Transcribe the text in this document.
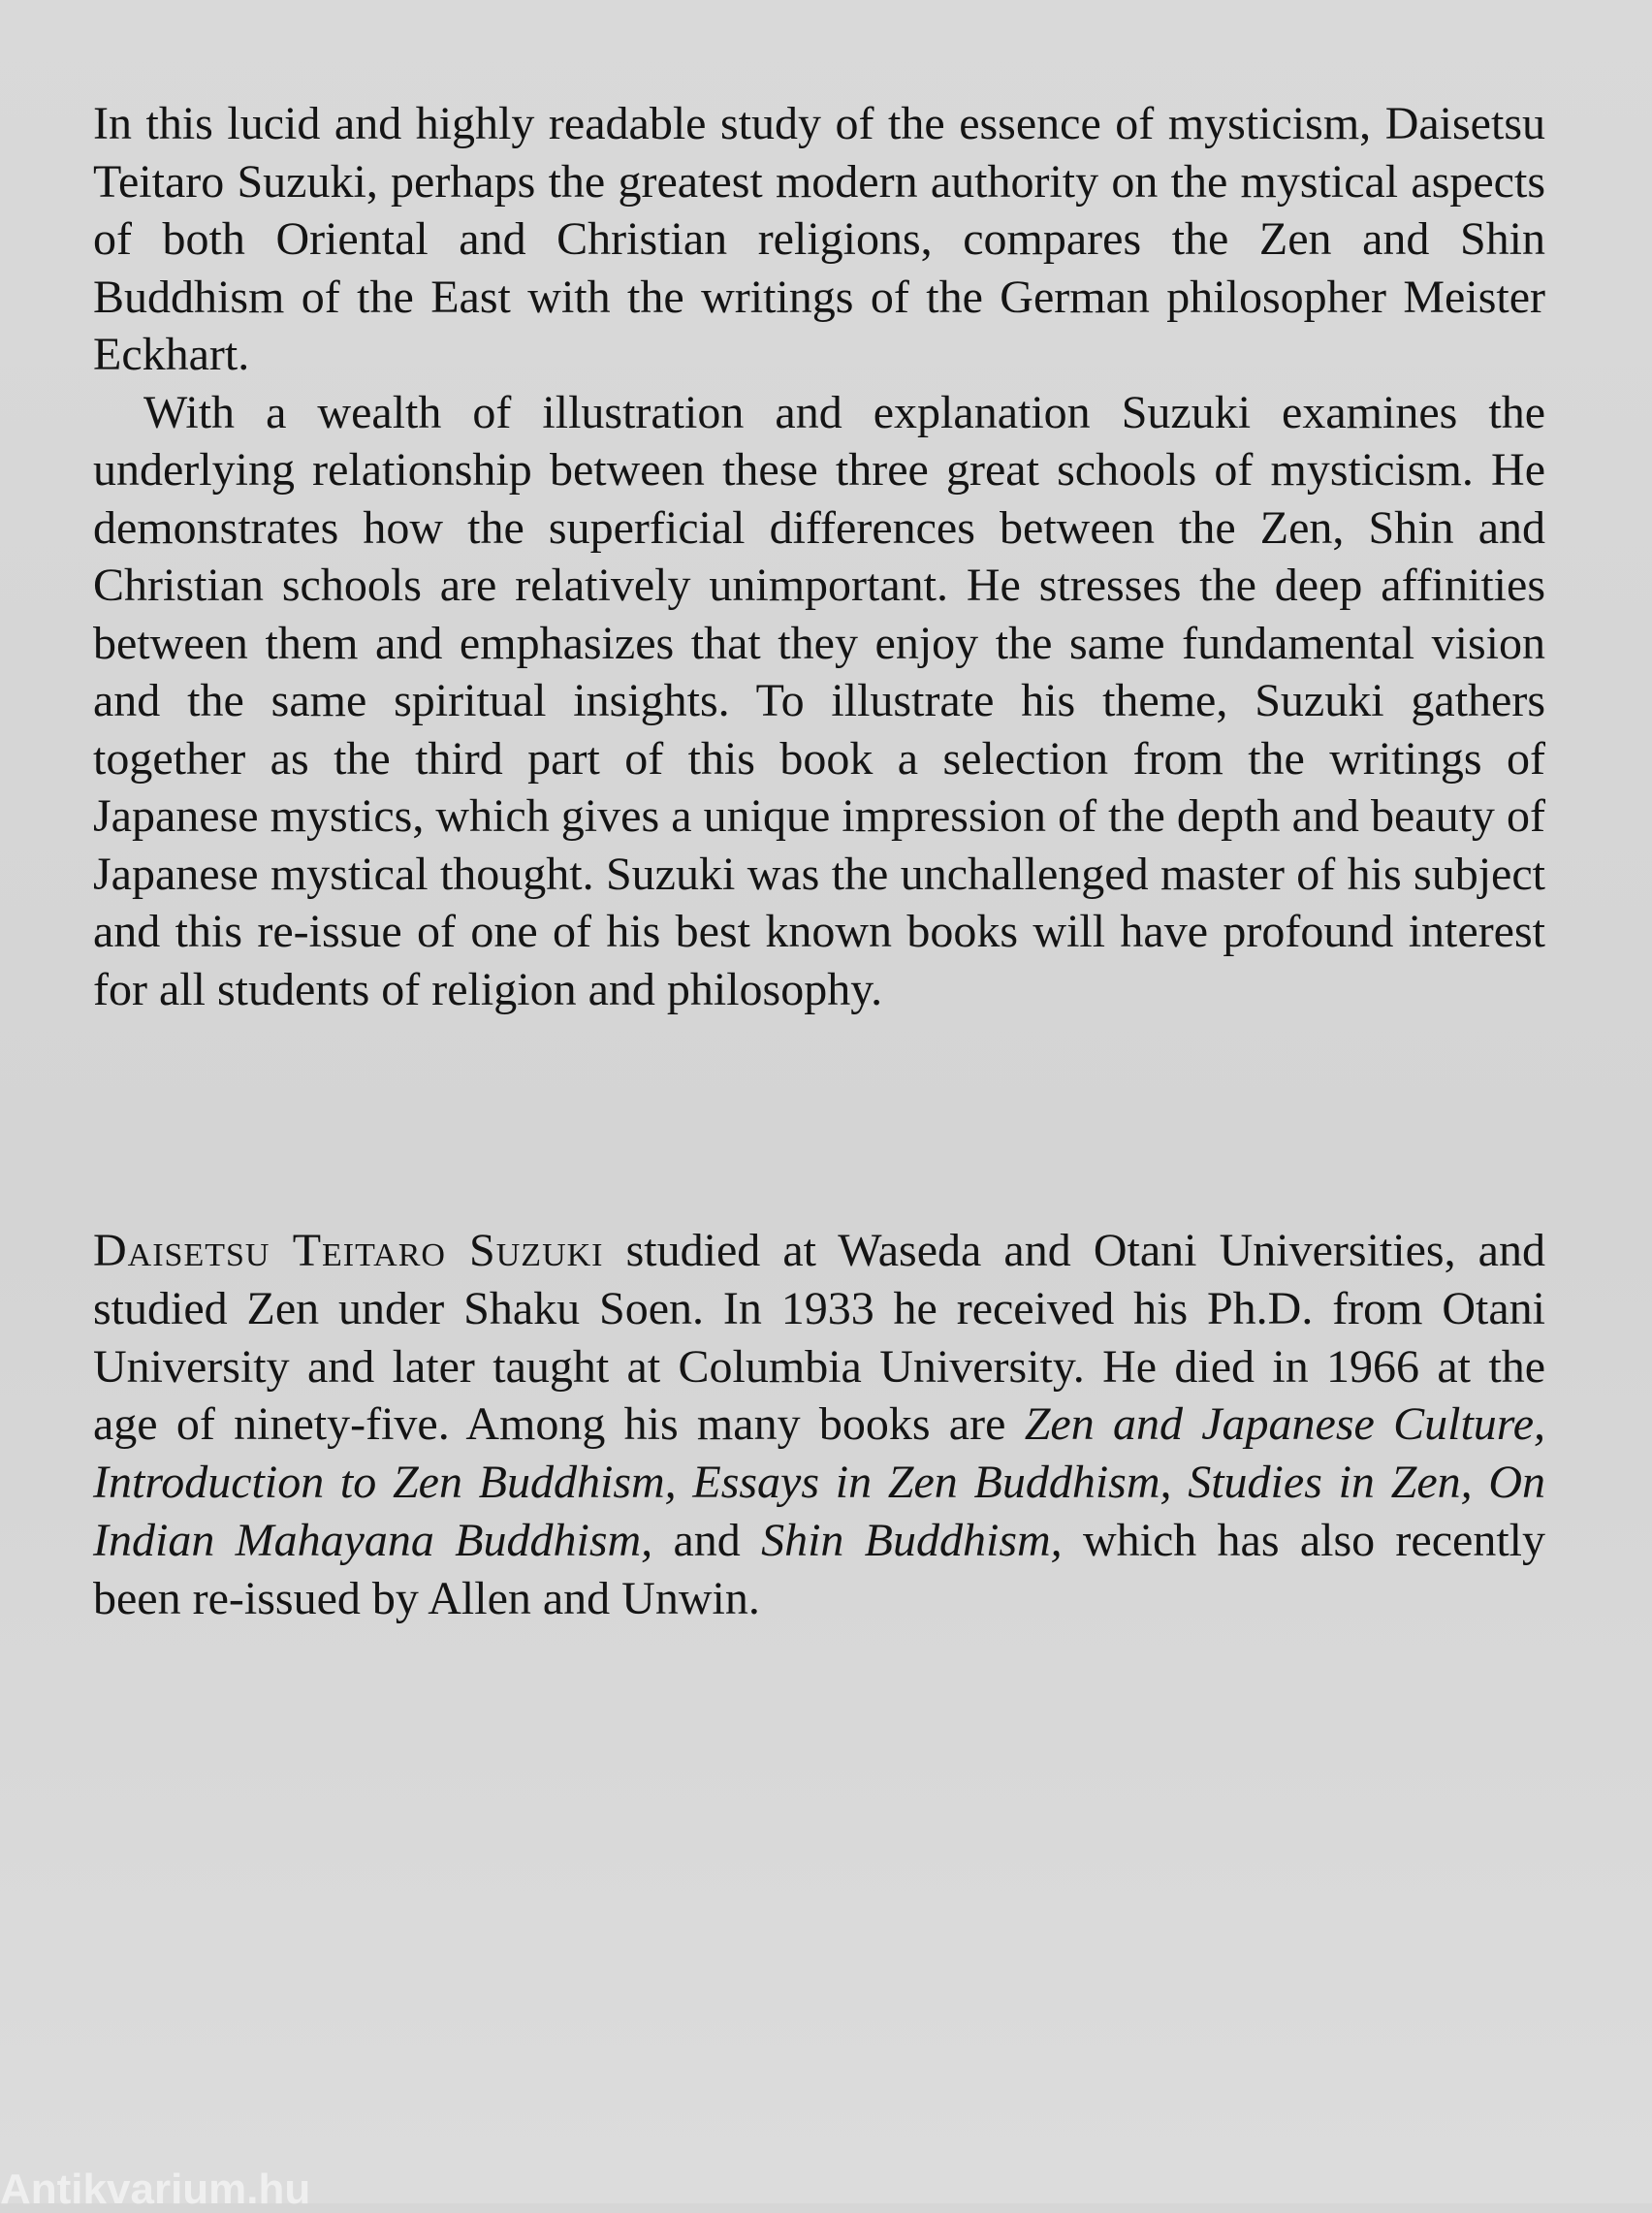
In this lucid and highly readable study of the essence of mysticism, Daisetsu Teitaro Suzuki, perhaps the greatest modern authority on the mystical aspects of both Oriental and Christian religions, compares the Zen and Shin Buddhism of the East with the writings of the German philosopher Meister Eckhart.

With a wealth of illustration and explanation Suzuki examines the underlying relationship between these three great schools of mysticism. He demonstrates how the superficial differences between the Zen, Shin and Christian schools are relatively unimportant. He stresses the deep affinities between them and emphasizes that they enjoy the same fundamental vision and the same spiritual insights. To illustrate his theme, Suzuki gathers together as the third part of this book a selection from the writings of Japanese mystics, which gives a unique impression of the depth and beauty of Japanese mystical thought. Suzuki was the unchallenged master of his subject and this re-issue of one of his best known books will have profound interest for all students of religion and philosophy.

Daisetsu Teitaro Suzuki studied at Waseda and Otani Universities, and studied Zen under Shaku Soen. In 1933 he received his Ph.D. from Otani University and later taught at Columbia University. He died in 1966 at the age of ninety-five. Among his many books are Zen and Japanese Culture, Introduction to Zen Buddhism, Essays in Zen Buddhism, Studies in Zen, On Indian Mahayana Buddhism, and Shin Buddhism, which has also recently been re-issued by Allen and Unwin.

Antikvarium.hu
